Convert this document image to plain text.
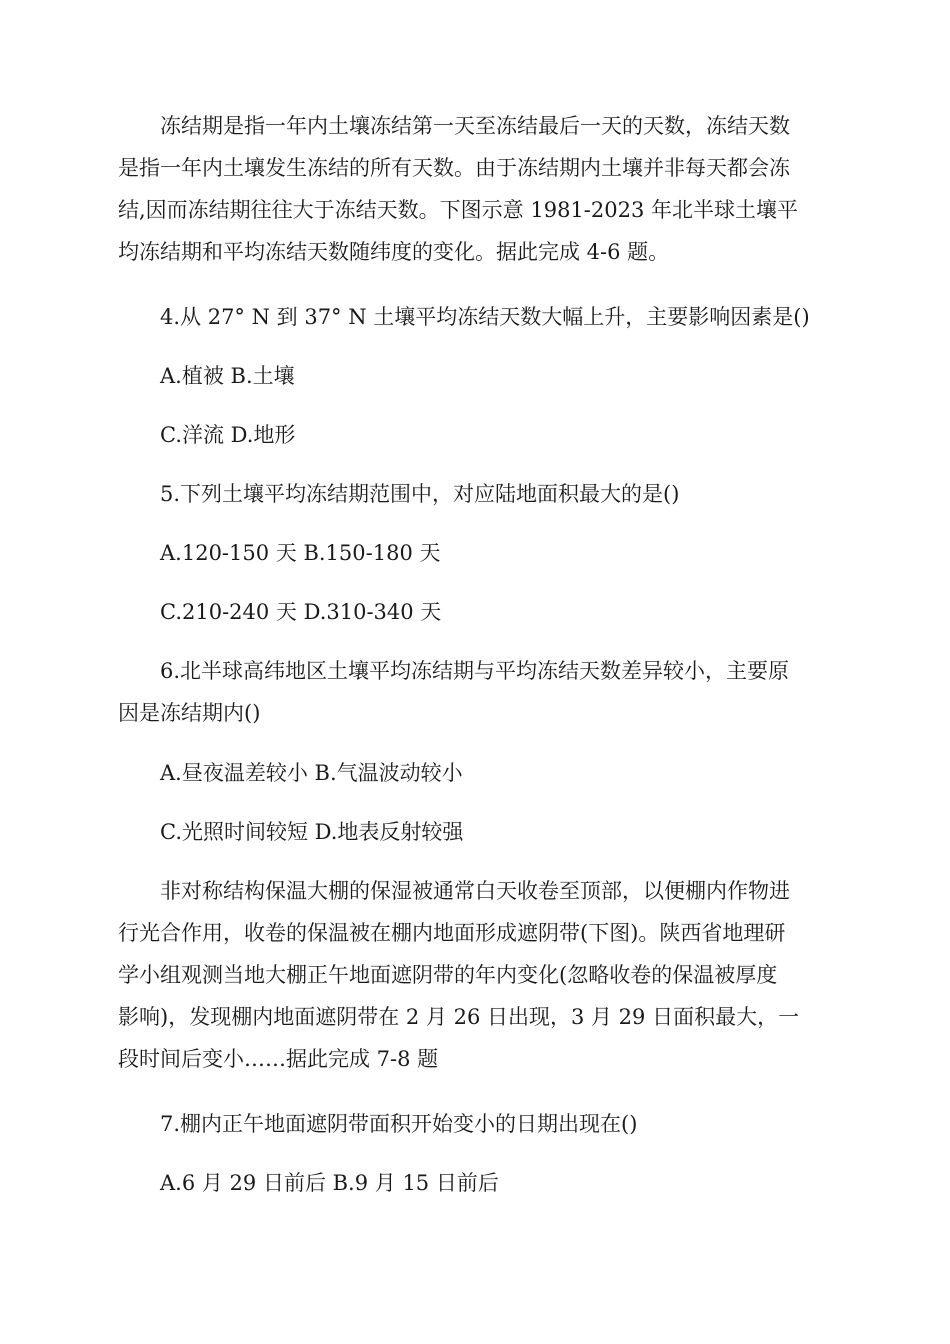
冻结期是指一年内土壤冻结第一天至冻结最后一天的天数，冻结天数

是指一年内土壤发生冻结的所有天数。由于冻结期内土壤并非每天都会冻

结,因而冻结期往往大于冻结天数。下图示意 1981-2023 年北半球土壤平

均冻结期和平均冻结天数随纬度的变化。据此完成 4-6 题。

4.从 27° N 到 37° N 土壤平均冻结天数大幅上升，主要影响因素是()

A.植被 B.土壤

C.洋流 D.地形

5.下列土壤平均冻结期范围中，对应陆地面积最大的是()

A.120-150 天 B.150-180 天

C.210-240 天 D.310-340 天

6.北半球高纬地区土壤平均冻结期与平均冻结天数差异较小，主要原

因是冻结期内()

A.昼夜温差较小 B.气温波动较小

C.光照时间较短 D.地表反射较强

非对称结构保温大棚的保湿被通常白天收卷至顶部，以便棚内作物进

行光合作用，收卷的保温被在棚内地面形成遮阴带(下图)。陕西省地理研

学小组观测当地大棚正午地面遮阴带的年内变化(忽略收卷的保温被厚度

影响)，发现棚内地面遮阴带在 2 月 26 日出现，3 月 29 日面积最大，一

段时间后变小……据此完成 7-8 题

7.棚内正午地面遮阴带面积开始变小的日期出现在()

A.6 月 29 日前后 B.9 月 15 日前后
